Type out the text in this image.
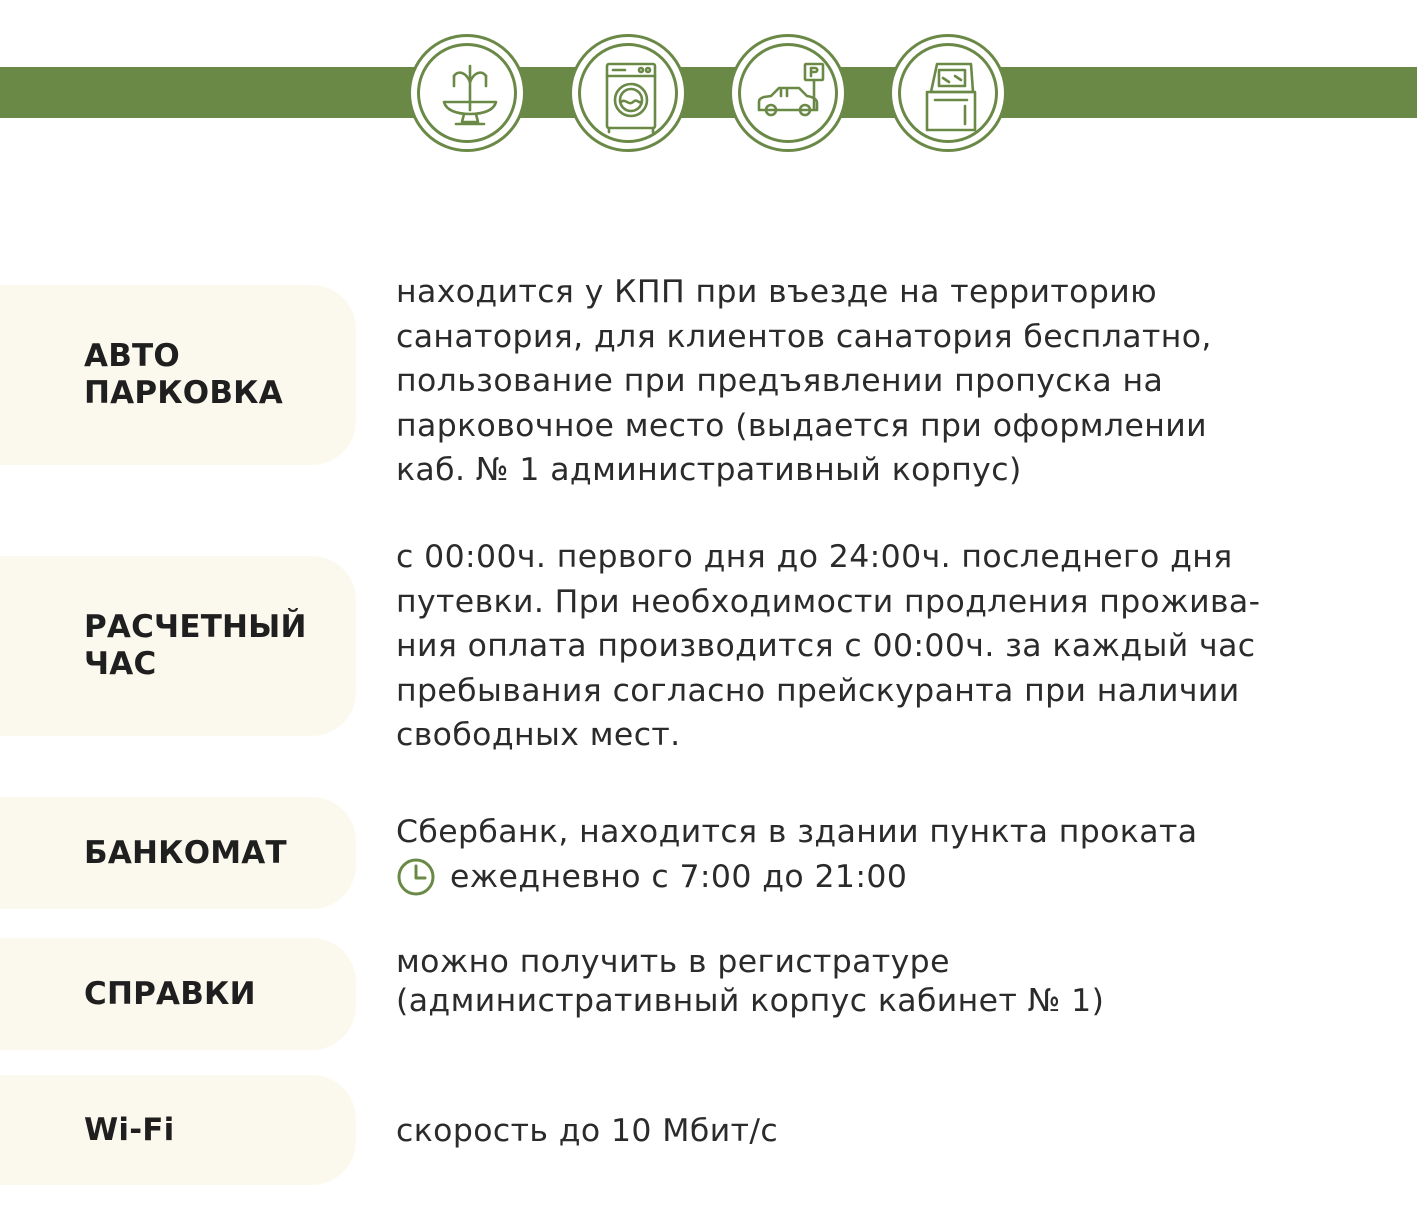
АВТО
ПАРКОВКА

находится у КПП при въезде на территорию

санатория, для клиентов санатория бесплатно,

пользование при предъявлении пропуска на

парковочное место (выдается при оформлении

каб. № 1 административный корпус)

РАСЧЕТНЫЙ
ЧАС

с 00:00ч. первого дня до 24:00ч. последнего дня

путевки. При необходимости продления прожива-

ния оплата производится с 00:00ч. за каждый час

пребывания согласно прейскуранта при наличии

свободных мест.

БАНКОМАТ

Сбербанк, находится в здании пункта проката

ежедневно с 7:00 до 21:00
СПРАВКИ

можно получить в регистратуре

(административный корпус кабинет № 1)

Wi-Fi	скорость до 10 Мбит/с
